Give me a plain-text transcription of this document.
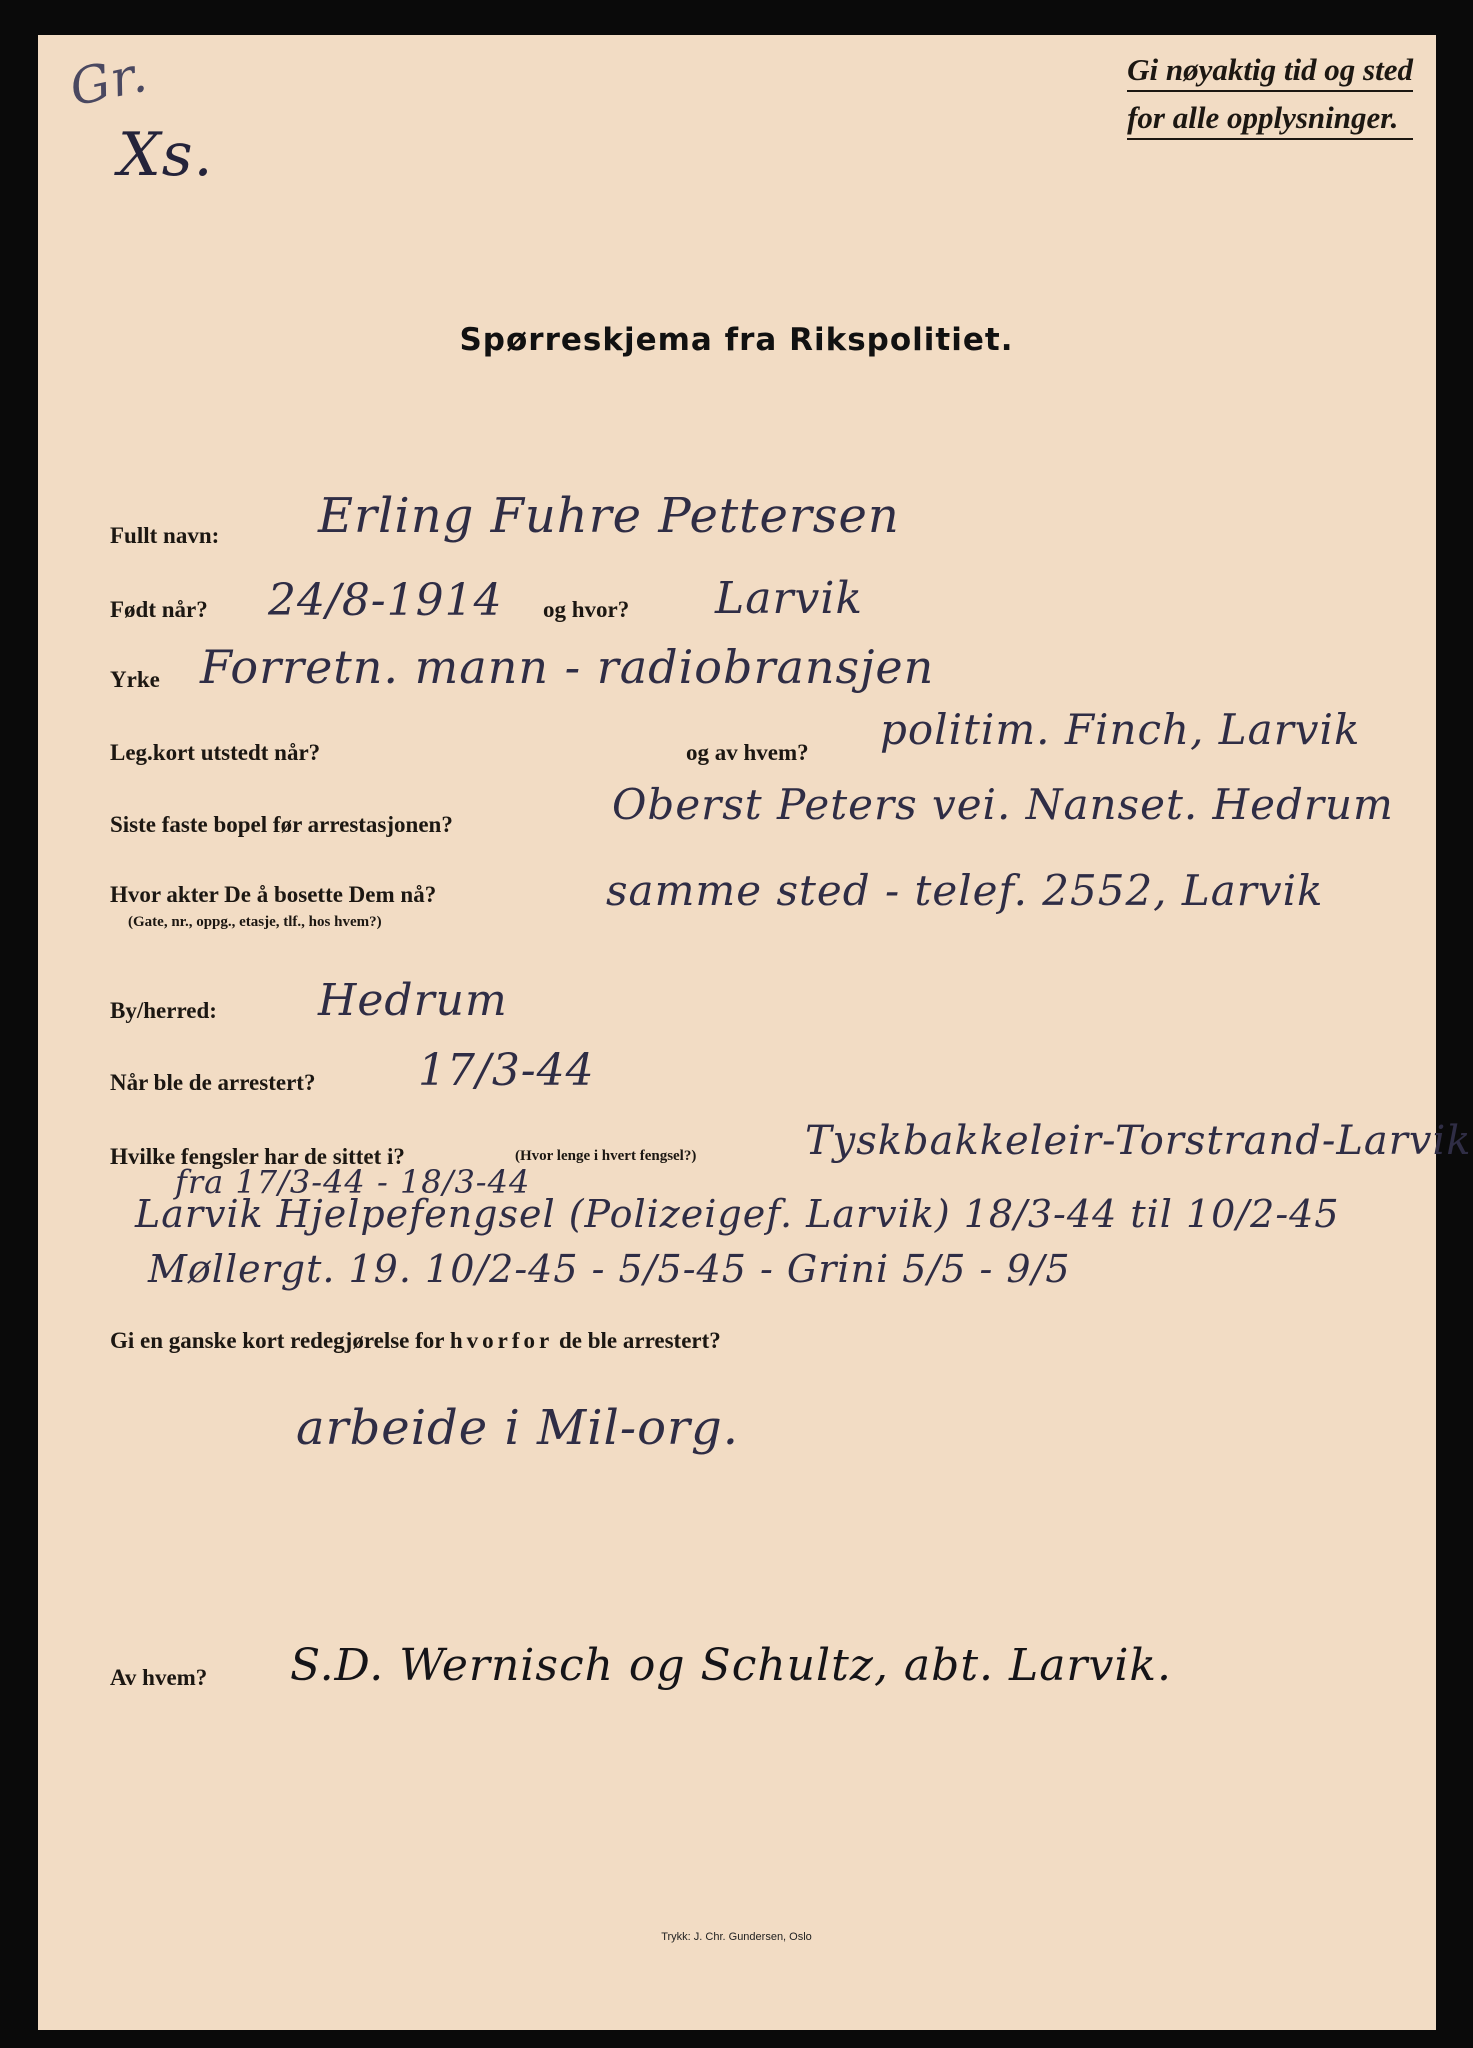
Gr.
Xs.
Gi nøyaktig tid og sted
for alle opplysninger.
Spørreskjema fra Rikspolitiet.
Fullt navn: Erling Fuhre Pettersen
Født når? 24/8-1914 og hvor? Larvik
Yrke Forretn. mann - radiobransjen
Leg.kort utstedt når?	og av hvem? politim. Finch, Larvik
Siste faste bopel før arrestasjonen?	Oberst Peters vei. Nanset. Hedrum
Hvor akter De å bosette Dem nå?
(Gate, nr., oppg., etasje, tlf., hos hvem?)
samme sted - telef. 2552, Larvik
By/herred: Hedrum
Når ble de arrestert? 17/3-44
Hvilke fengsler har de sittet i?	(Hvor lenge i hvert fengsel?)	Tyskbakkeleir-Torstrand-Larvik
fra 17/3-44 - 18/3-44
Larvik Hjelpefengsel (Polizeigef. Larvik) 18/3-44 til 10/2-45
Møllergt. 19. 10/2-45 - 5/5-45 - Grini 5/5 - 9/5
Gi en ganske kort redegjørelse for hvorfor de ble arrestert?
arbeide i Mil-org.
Av hvem? S.D. Wernisch og Schultz, abt. Larvik.
Trykk: J. Chr. Gundersen, Oslo
